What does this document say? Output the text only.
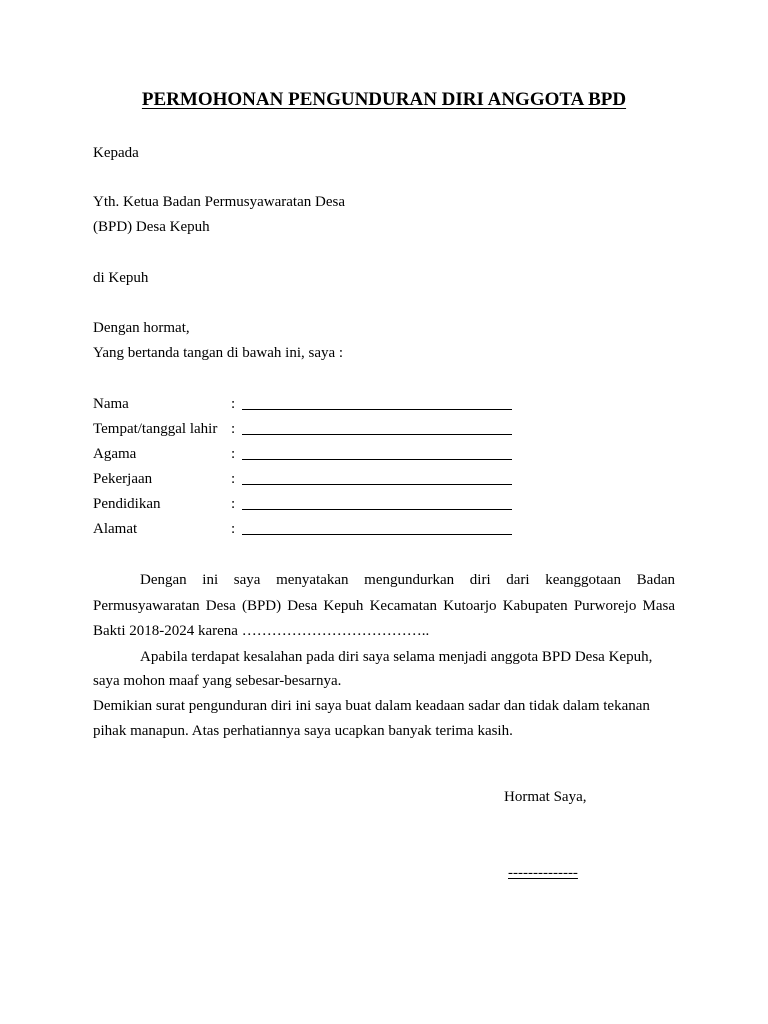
PERMOHONAN PENGUNDURAN DIRI ANGGOTA BPD
Kepada
Yth. Ketua Badan Permusyawaratan Desa
(BPD) Desa Kepuh
di Kepuh
Dengan hormat,
Yang bertanda tangan di bawah ini, saya :
Nama	:
Tempat/tanggal lahir :
Agama	:
Pekerjaan	:
Pendidikan	:
Alamat	:
Dengan ini saya menyatakan mengundurkan diri dari keanggotaan Badan
Permusyawaratan Desa (BPD) Desa Kepuh Kecamatan Kutoarjo Kabupaten Purworejo Masa
Bakti 2018-2024 karena ………………………………..
Apabila terdapat kesalahan pada diri saya selama menjadi anggota BPD Desa Kepuh,
saya mohon maaf yang sebesar-besarnya.
Demikian surat pengunduran diri ini saya buat dalam keadaan sadar dan tidak dalam tekanan
pihak manapun. Atas perhatiannya saya ucapkan banyak terima kasih.
Hormat Saya,
--------------
